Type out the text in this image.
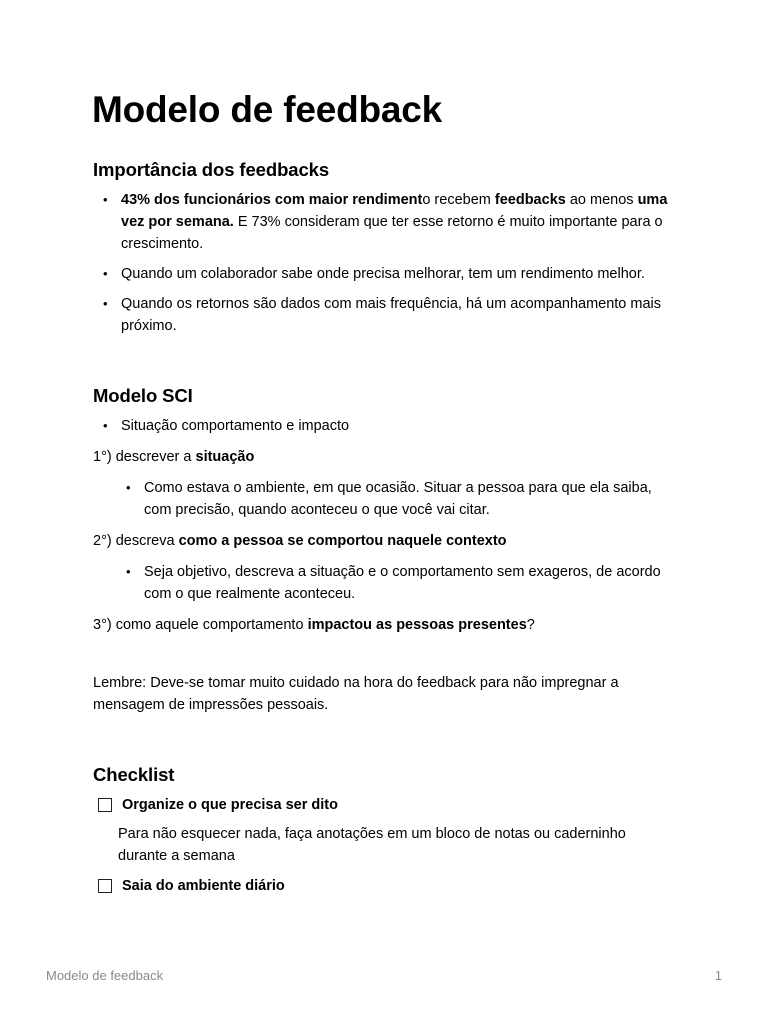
Modelo de feedback
Importância dos feedbacks
• 43% dos funcionários com maior rendimento recebem feedbacks ao menos uma vez por semana. E 73% consideram que ter esse retorno é muito importante para o crescimento.
• Quando um colaborador sabe onde precisa melhorar, tem um rendimento melhor.
• Quando os retornos são dados com mais frequência, há um acompanhamento mais próximo.
Modelo SCI
• Situação comportamento e impacto

1°) descrever a situação

• Como estava o ambiente, em que ocasião. Situar a pessoa para que ela saiba, com precisão, quando aconteceu o que você vai citar.

2°) descreva como a pessoa se comportou naquele contexto

• Seja objetivo, descreva a situação e o comportamento sem exageros, de acordo com o que realmente aconteceu.

3°) como aquele comportamento impactou as pessoas presentes?

Lembre: Deve-se tomar muito cuidado na hora do feedback para não impregnar a mensagem de impressões pessoais.

Checklist
Organize o que precisa ser dito
Para não esquecer nada, faça anotações em um bloco de notas ou caderninho durante a semana
Saia do ambiente diário
Modelo de feedback	1
